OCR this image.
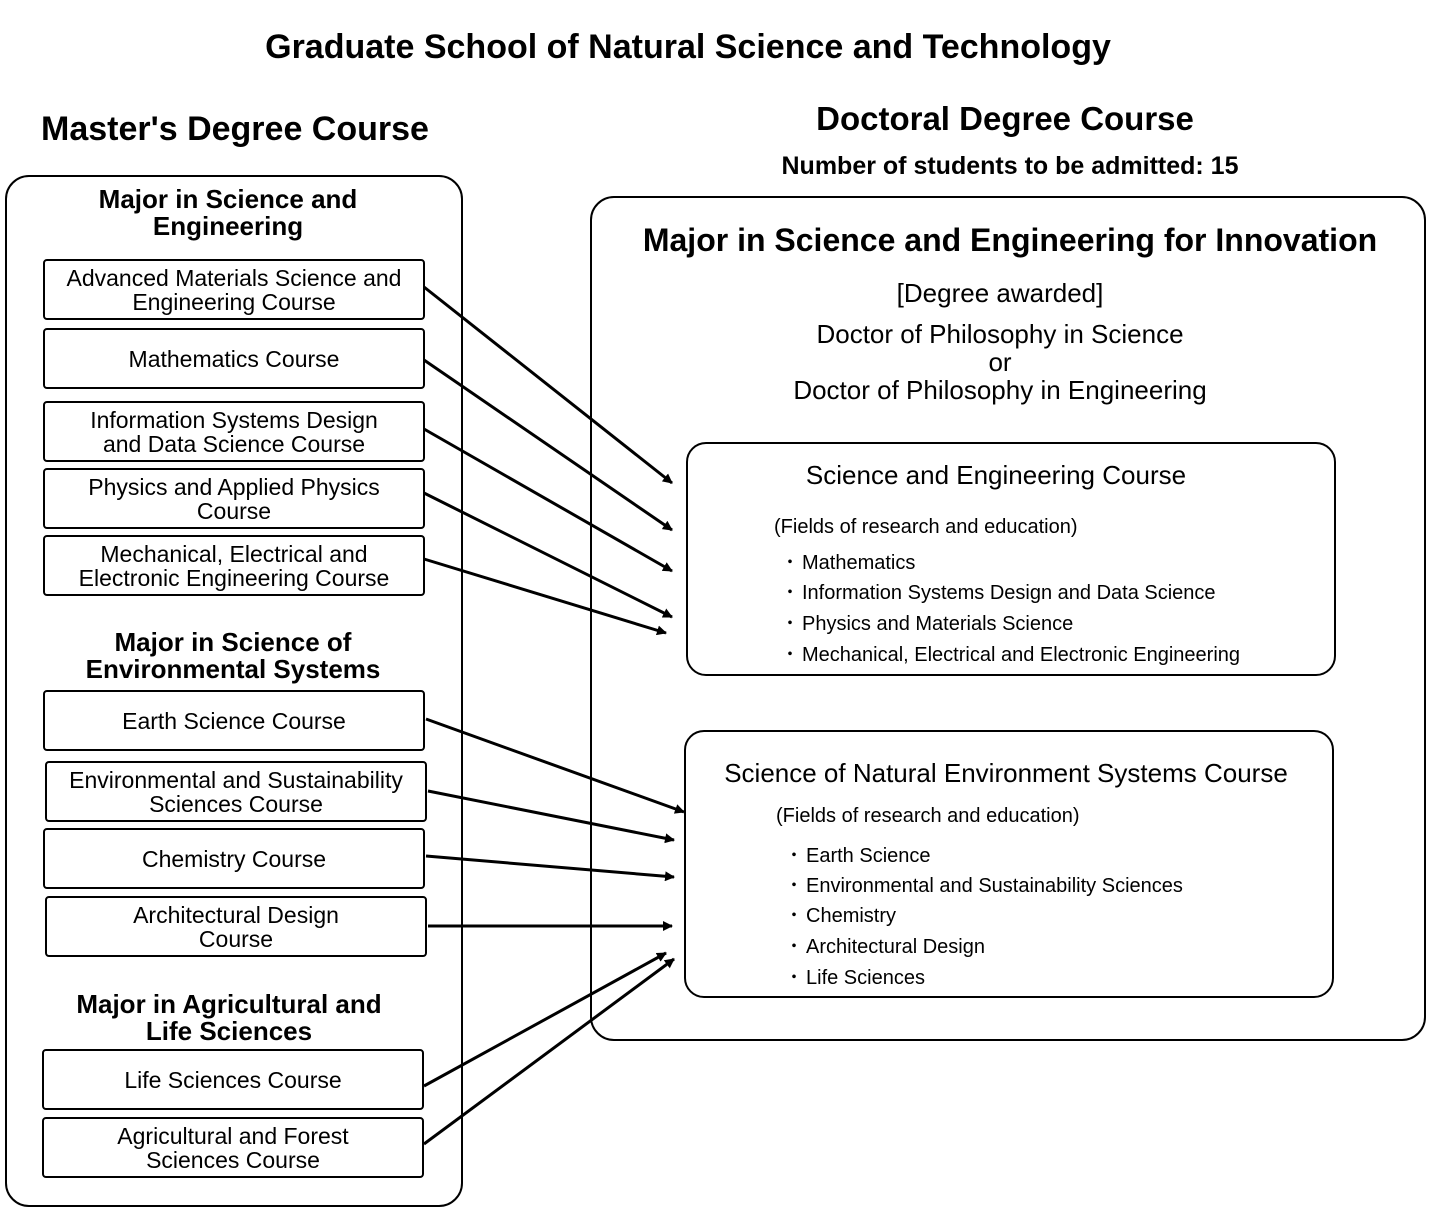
Graduate School of Natural Science and Technology
Master's Degree Course
Major in Science and
Engineering
Advanced Materials Science and
Engineering Course
Mathematics Course
Information Systems Design
and Data Science Course
Physics and Applied Physics
Course
Mechanical, Electrical and
Electronic Engineering Course
Major in Science of
Environmental Systems
Earth Science Course
Environmental and Sustainability
Sciences Course
Chemistry Course
Architectural Design
Course
Major in Agricultural and
Life Sciences
Life Sciences Course
Agricultural and Forest
Sciences Course
Doctoral Degree Course
Number of students to be admitted: 15
Major in Science and Engineering for Innovation
[Degree awarded]
Doctor of Philosophy in Science
or
Doctor of Philosophy in Engineering
Science and Engineering Course
(Fields of research and education)
・ Mathematics
・ Information Systems Design and Data Science
・ Physics and Materials Science
・ Mechanical, Electrical and Electronic Engineering
Science of Natural Environment Systems Course
(Fields of research and education)
・ Earth Science
・ Environmental and Sustainability Sciences
・ Chemistry
・ Architectural Design
・ Life Sciences
